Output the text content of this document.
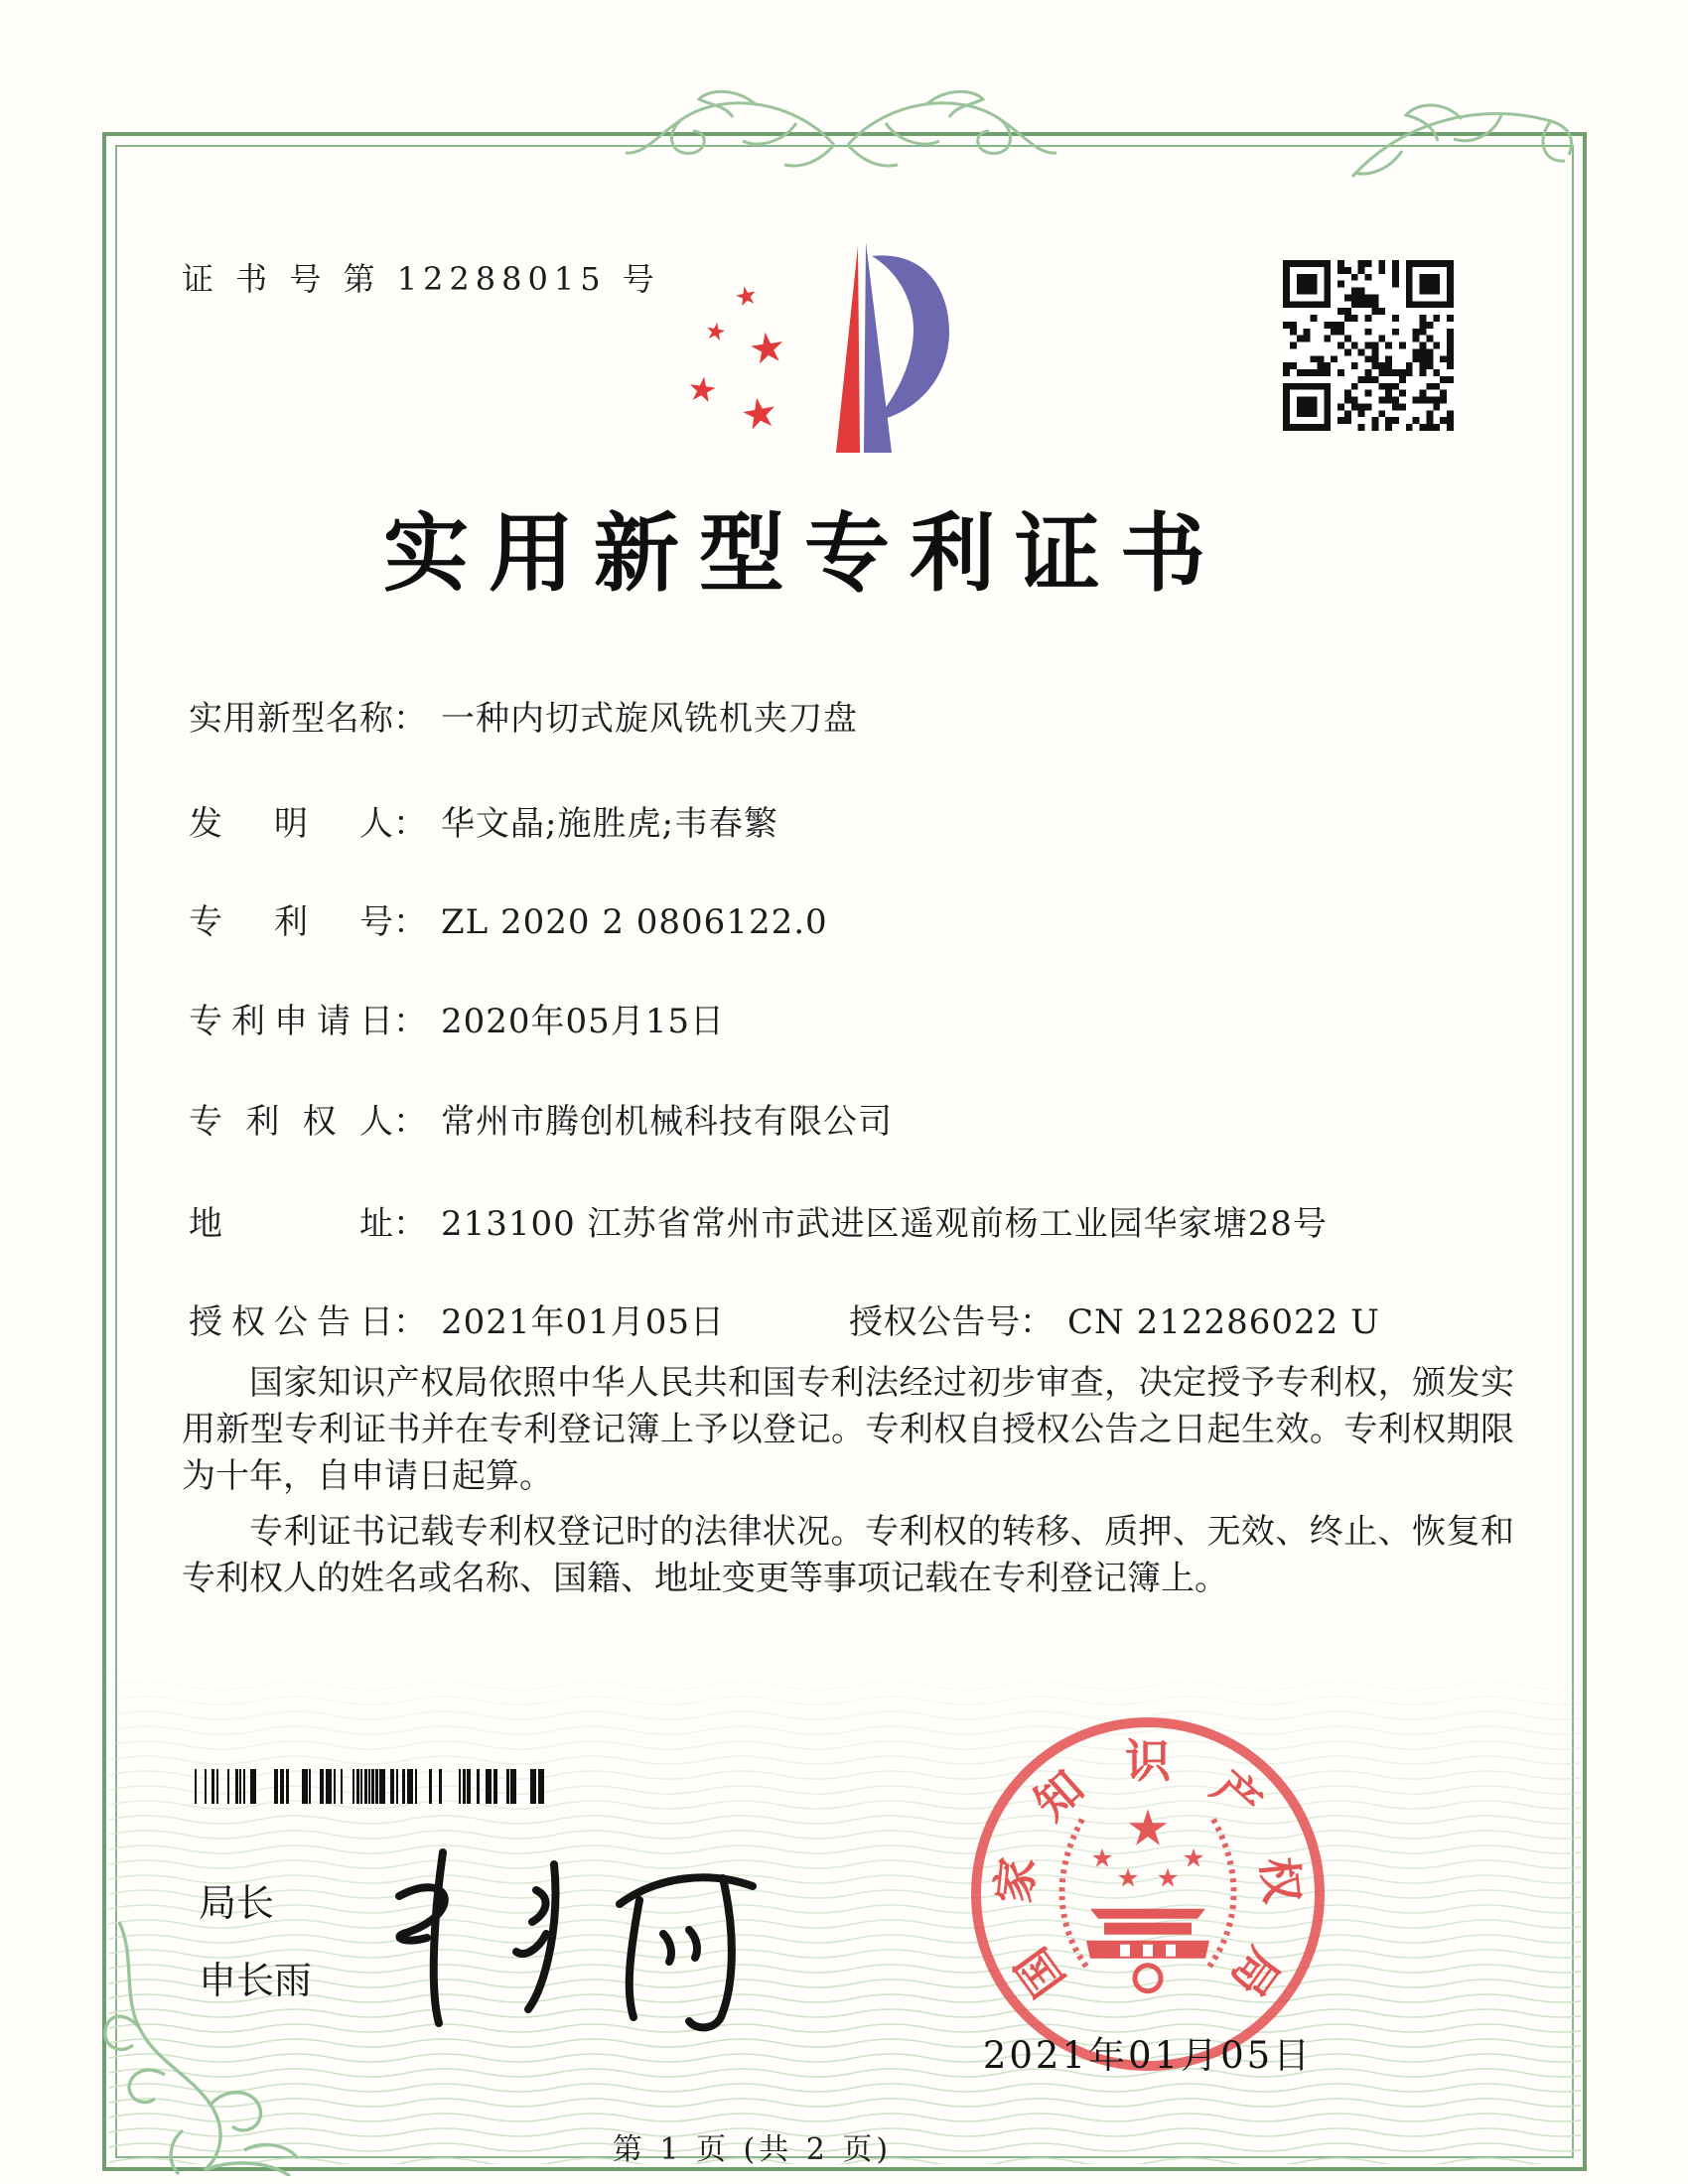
证 书 号 第 12288015 号	★
★ ★
★ ★
实用新型专利证书
实用新型名称： 一种内切式旋风铣机夹刀盘
发明人： 华文晶;施胜虎;韦春繁
专利号： ZL 2020 2 0806122.0
专利申请日： 2020年05月15日
专利权人： 常州市腾创机械科技有限公司
地址： 213100 江苏省常州市武进区遥观前杨工业园华家塘28号
授权公告日： 2021年01月05日	授权公告号： CN 212286022 U

国家知识产权局依照中华人民共和国专利法经过初步审查，决定授予专利权，颁发实用新型专利证书并在专利登记簿上予以登记。专利权自授权公告之日起生效。专利权期限为十年，自申请日起算。

专利证书记载专利权登记时的法律状况。专利权的转移、质押、无效、终止、恢复和专利权人的姓名或名称、国籍、地址变更等事项记载在专利登记簿上。

局长
申长雨	国
家
知 识 产
权
局
★
★
★ ★
★
2021年01月05日
第 1 页 (共 2 页)
